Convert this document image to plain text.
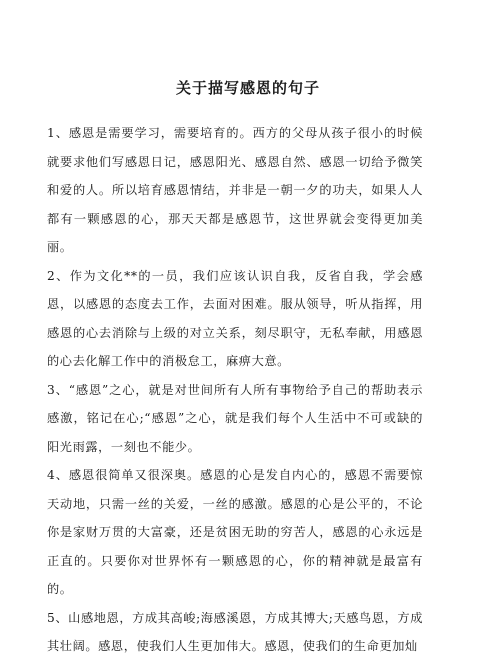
关于描写感恩的句子

1、感恩是需要学习，需要培育的。西方的父母从孩子很小的时候就要求他们写感恩日记，感恩阳光、感恩自然、感恩一切给予微笑和爱的人。所以培育感恩情结，并非是一朝一夕的功夫，如果人人都有一颗感恩的心，那天天都是感恩节，这世界就会变得更加美丽。

2、作为文化**的一员，我们应该认识自我，反省自我，学会感恩，以感恩的态度去工作，去面对困难。服从领导，听从指挥，用感恩的心去消除与上级的对立关系，刻尽职守，无私奉献，用感恩的心去化解工作中的消极怠工，麻痹大意。

3、“感恩”之心，就是对世间所有人所有事物给予自己的帮助表示感激，铭记在心;“感恩”之心，就是我们每个人生活中不可或缺的阳光雨露，一刻也不能少。

4、感恩很简单又很深奥。感恩的心是发自内心的，感恩不需要惊天动地，只需一丝的关爱，一丝的感激。感恩的心是公平的，不论你是家财万贯的大富豪，还是贫困无助的穷苦人，感恩的心永远是正直的。只要你对世界怀有一颗感恩的心，你的精神就是最富有的。

5、山感地恩，方成其高峻;海感溪恩，方成其博大;天感鸟恩，方成其壮阔。感恩，使我们人生更加伟大。感恩，使我们的生命更加灿
